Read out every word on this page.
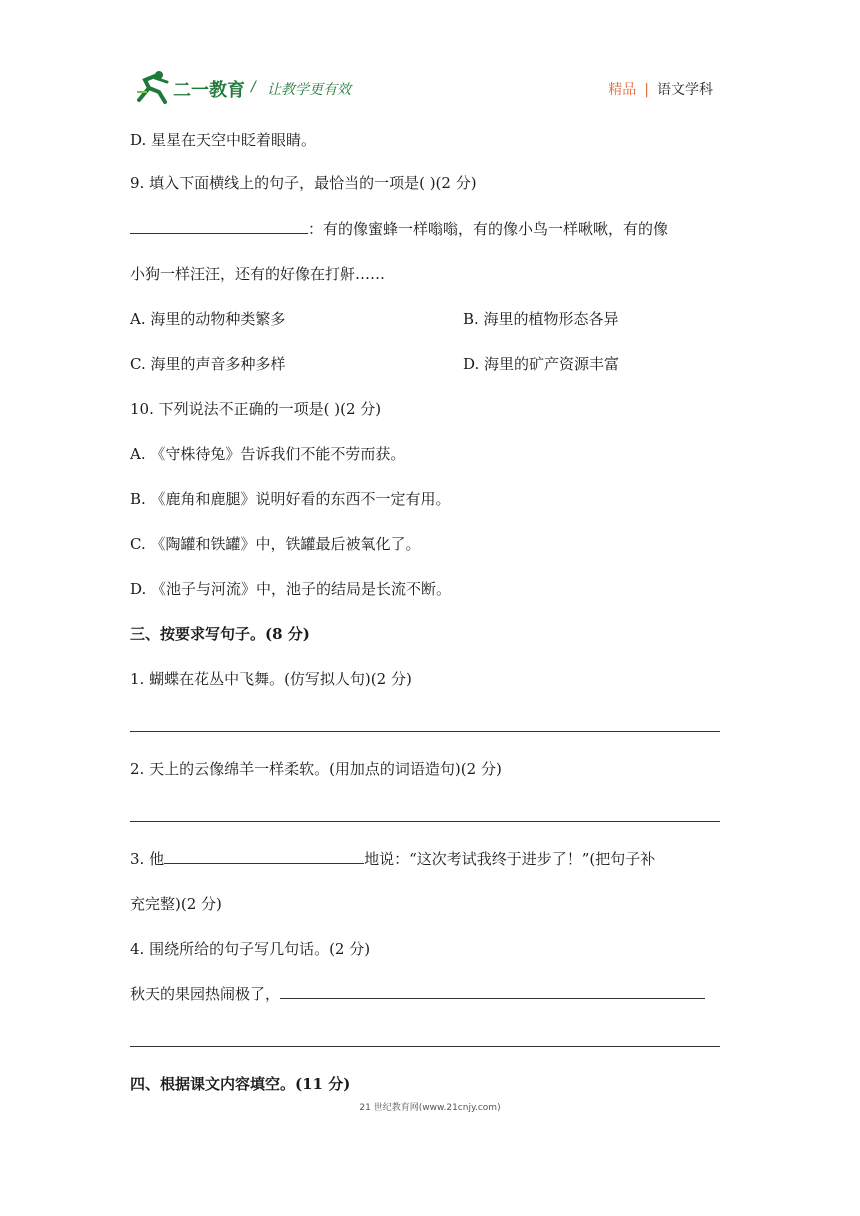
二一教育 / 让教学更有效	精品 | 语文学科
D. 星星在天空中眨着眼睛。
9. 填入下面横线上的句子，最恰当的一项是( )(2 分)
：有的像蜜蜂一样嗡嗡，有的像小鸟一样啾啾，有的像
小狗一样汪汪，还有的好像在打鼾……
A. 海里的动物种类繁多	B. 海里的植物形态各异
C. 海里的声音多种多样	D. 海里的矿产资源丰富
10. 下列说法不正确的一项是( )(2 分)
A. 《守株待兔》告诉我们不能不劳而获。
B. 《鹿角和鹿腿》说明好看的东西不一定有用。
C. 《陶罐和铁罐》中，铁罐最后被氧化了。
D. 《池子与河流》中，池子的结局是长流不断。
三、按要求写句子。(8 分)
1. 蝴蝶在花丛中飞舞。(仿写拟人句)(2 分)
2. 天上的云像绵羊一样柔软。(用加点的词语造句)(2 分)
3. 他	地说：“这次考试我终于进步了！”(把句子补
充完整)(2 分)
4. 围绕所给的句子写几句话。(2 分)
秋天的果园热闹极了，
四、根据课文内容填空。(11 分)
21 世纪教育网(www.21cnjy.com)
